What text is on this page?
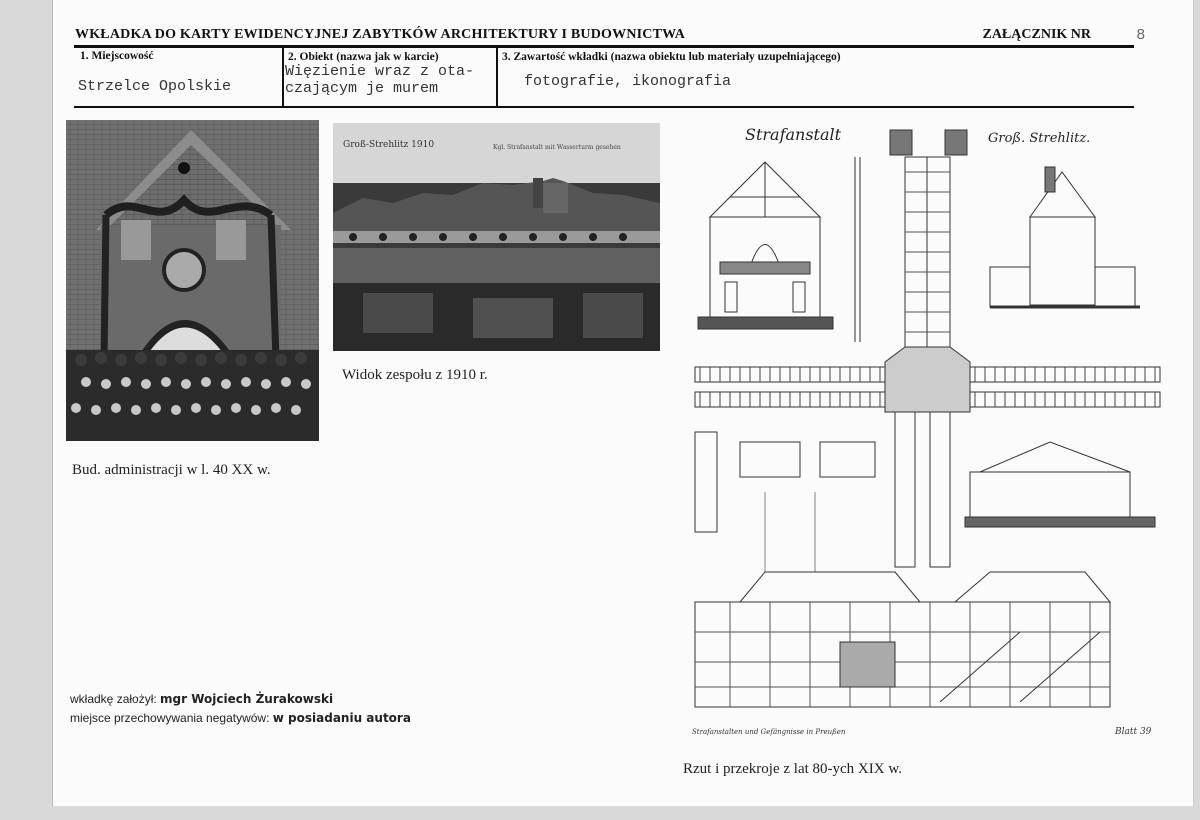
WKŁADKA DO KARTY EWIDENCYJNEJ ZABYTKÓW ARCHITEKTURY I BUDOWNICTWA	ZAŁĄCZNIK NR	8
1. Miejscowość
Strzelce Opolskie
2. Obiekt (nazwa jak w karcie)
Więzienie wraz z ota-
czającym je murem
3. Zawartość wkładki (nazwa obiektu lub materiały uzupełniającego)
fotografie, ikonografia
Bud. administracji w l. 40 XX w.
Groß-Strehlitz 1910	Kgl. Strafanstalt mit Wasserturm gesehen
Widok zespołu z 1910 r.
Strafanstalt	Groß. Strehlitz.
Strafanstalten und Gefängnisse in Preußen	Blatt 39
Rzut i przekroje z lat 80-ych XIX w.
wkładkę założył: mgr Wojciech Żurakowski
miejsce przechowywania negatywów: w posiadaniu autora
